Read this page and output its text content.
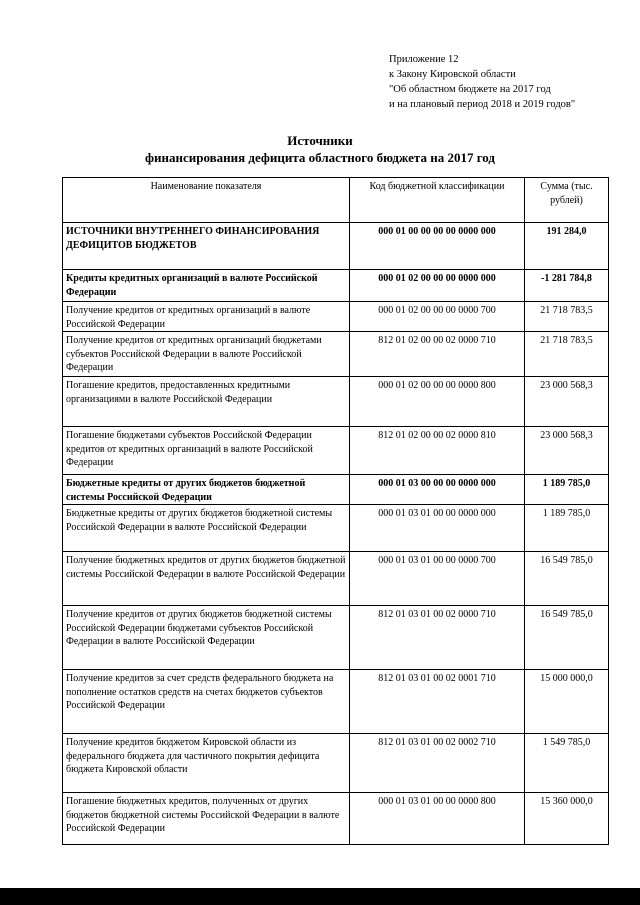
Приложение 12
к Закону Кировской области
"Об областном бюджете на 2017 год
и на плановый период 2018 и 2019 годов"
Источники
финансирования дефицита областного бюджета на 2017 год
Наименование показателя	Код бюджетной классификации	Сумма (тыс. рублей)
ИСТОЧНИКИ ВНУТРЕННЕГО ФИНАНСИРОВАНИЯ ДЕФИЦИТОВ БЮДЖЕТОВ	000 01 00 00 00 00 0000 000	191 284,0
Кредиты кредитных организаций в валюте Российской Федерации	000 01 02 00 00 00 0000 000	-1 281 784,8
Получение кредитов от кредитных организаций в валюте Российской Федерации	000 01 02 00 00 00 0000 700	21 718 783,5
Получение кредитов от кредитных организаций бюджетами субъектов Российской Федерации в валюте Российской Федерации	812 01 02 00 00 02 0000 710	21 718 783,5
Погашение кредитов, предоставленных кредитными организациями в валюте Российской Федерации	000 01 02 00 00 00 0000 800	23 000 568,3
Погашение бюджетами субъектов Российской Федерации кредитов от кредитных организаций в валюте Российской Федерации	812 01 02 00 00 02 0000 810	23 000 568,3
Бюджетные кредиты от других бюджетов бюджетной системы Российской Федерации	000 01 03 00 00 00 0000 000	1 189 785,0
Бюджетные кредиты от других бюджетов бюджетной системы Российской Федерации в валюте Российской Федерации	000 01 03 01 00 00 0000 000	1 189 785,0
Получение бюджетных кредитов от других бюджетов бюджетной системы Российской Федерации в валюте Российской Федерации	000 01 03 01 00 00 0000 700	16 549 785,0
Получение кредитов от других бюджетов бюджетной системы Российской Федерации бюджетами субъектов Российской Федерации в валюте Российской Федерации	812 01 03 01 00 02 0000 710	16 549 785,0
Получение кредитов за счет средств федерального бюджета на пополнение остатков средств на счетах бюджетов субъектов Российской Федерации	812 01 03 01 00 02 0001 710	15 000 000,0
Получение кредитов бюджетом Кировской области из федерального бюджета для частичного покрытия дефицита бюджета Кировской области	812 01 03 01 00 02 0002 710	1 549 785,0
Погашение бюджетных кредитов, полученных от других бюджетов бюджетной системы Российской Федерации в валюте Российской Федерации	000 01 03 01 00 00 0000 800	15 360 000,0
